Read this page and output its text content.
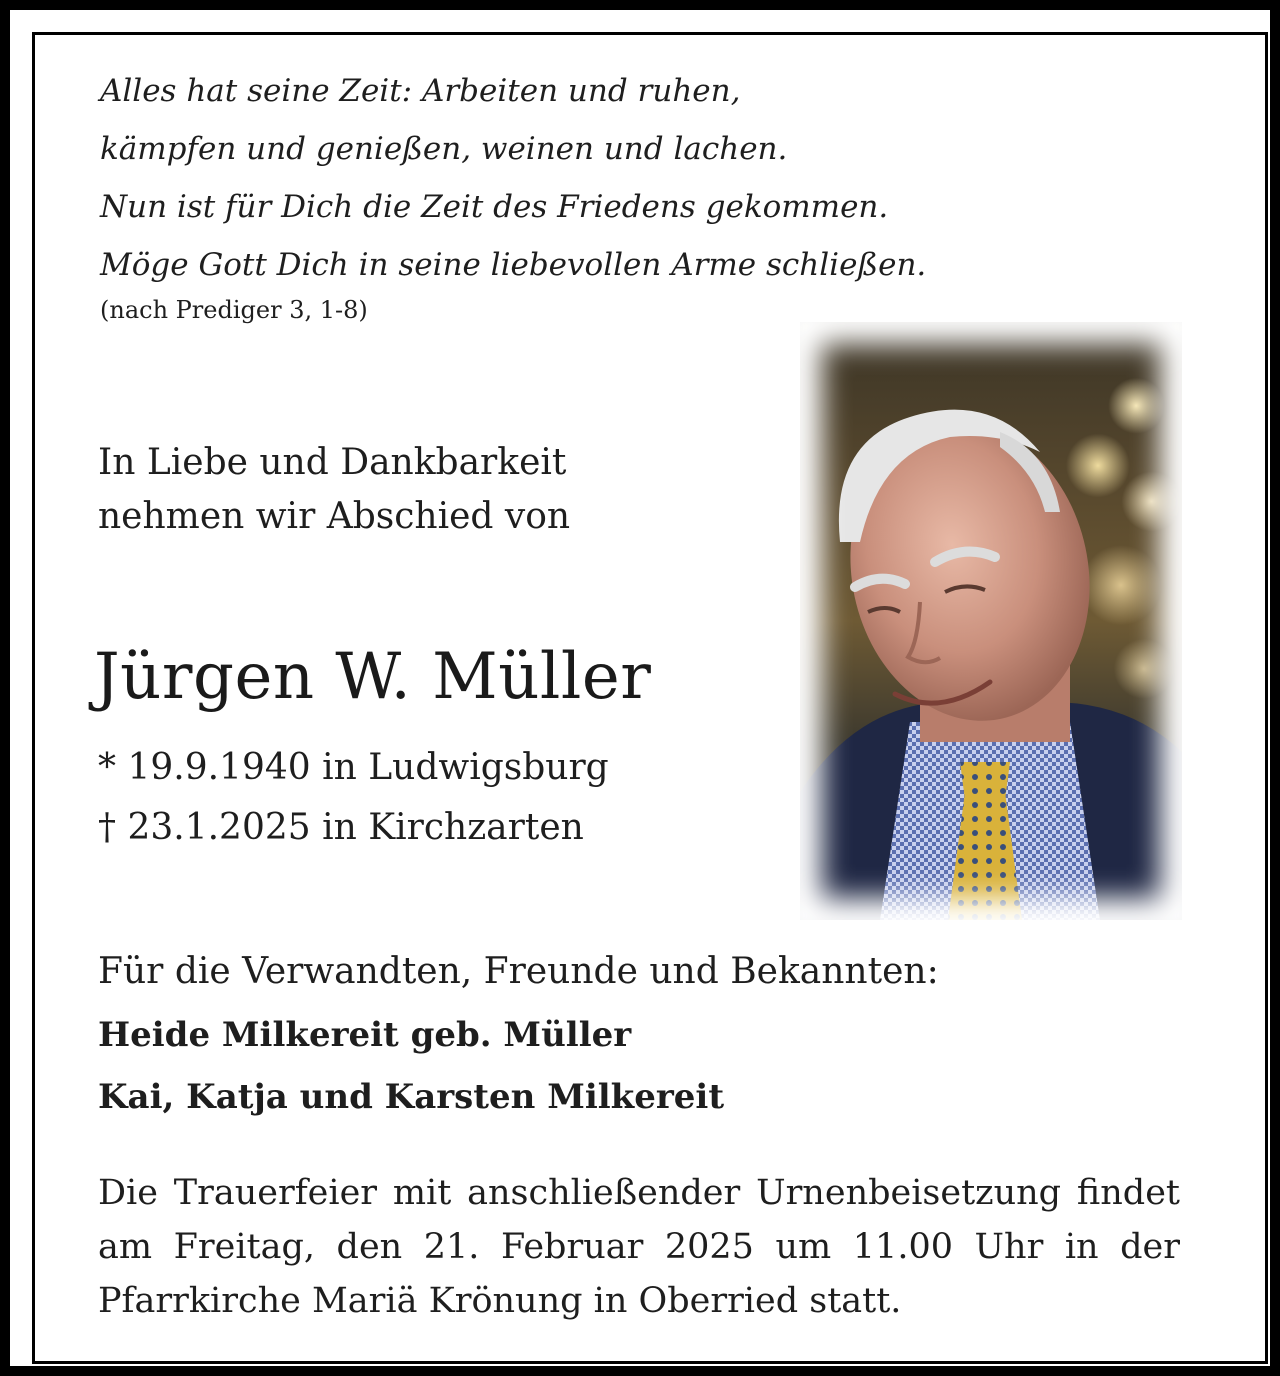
Alles hat seine Zeit: Arbeiten und ruhen,
kämpfen und genießen, weinen und lachen.
Nun ist für Dich die Zeit des Friedens gekommen.
Möge Gott Dich in seine liebevollen Arme schließen.
(nach Prediger 3, 1-8)
In Liebe und Dankbarkeit
nehmen wir Abschied von
Jürgen W. Müller
* 19.9.1940 in Ludwigsburg
† 23.1.2025 in Kirchzarten
Für die Verwandten, Freunde und Bekannten:
Heide Milkereit geb. Müller
Kai, Katja und Karsten Milkereit
Die Trauerfeier mit anschließender Urnenbeisetzung findet am Freitag, den 21. Februar 2025 um 11.00 Uhr in der Pfarrkirche Mariä Krönung in Oberried statt.
